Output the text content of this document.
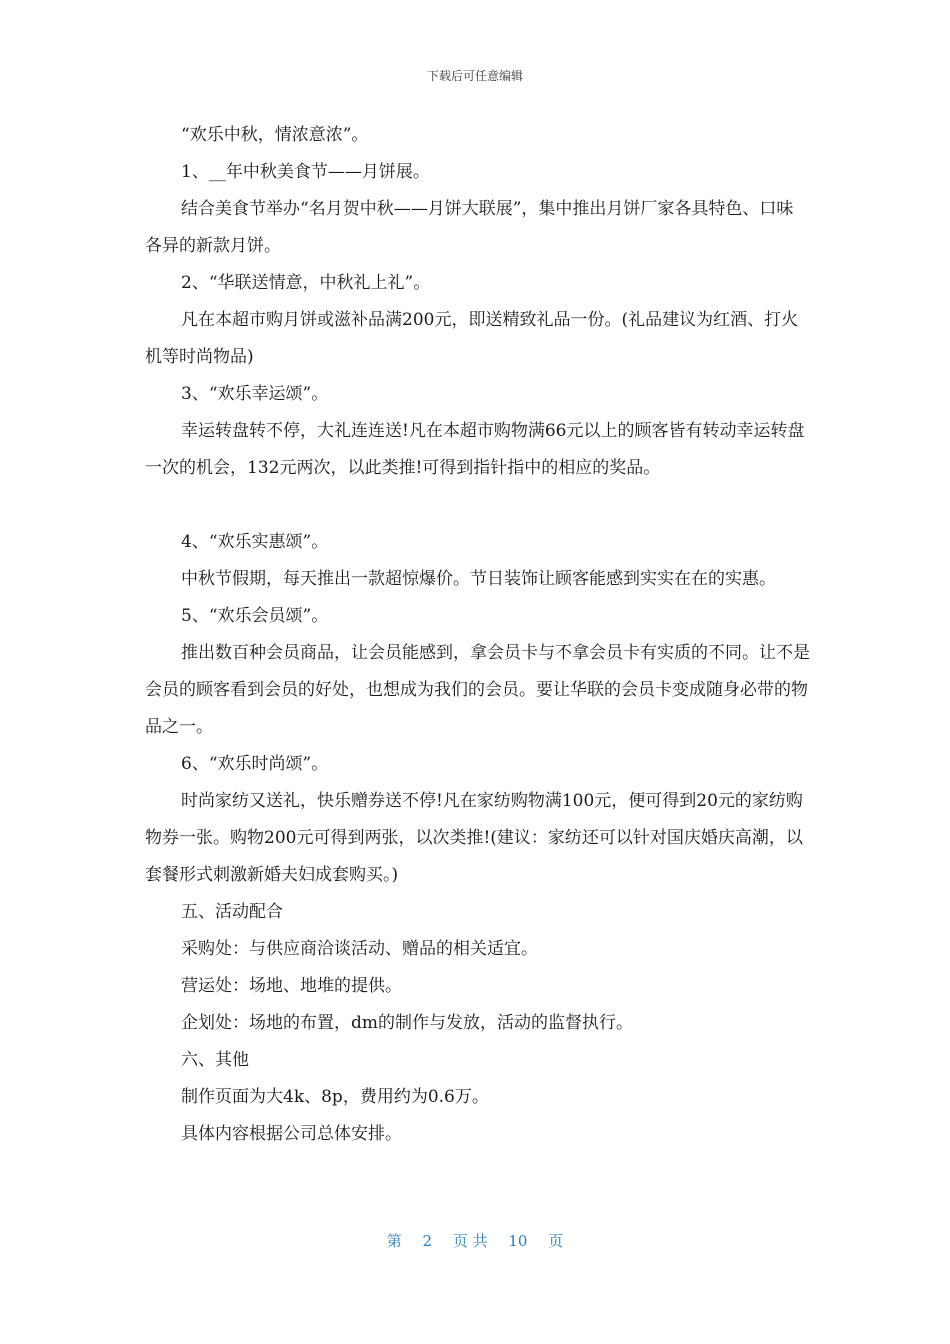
下载后可任意编辑

“欢乐中秋，情浓意浓”。

1、__年中秋美食节——月饼展。

结合美食节举办“名月贺中秋——月饼大联展”，集中推出月饼厂家各具特色、口味各异的新款月饼。

2、“华联送情意，中秋礼上礼”。

凡在本超市购月饼或滋补品满200元，即送精致礼品一份。(礼品建议为红酒、打火机等时尚物品)

3、“欢乐幸运颂”。

幸运转盘转不停，大礼连连送!凡在本超市购物满66元以上的顾客皆有转动幸运转盘一次的机会，132元两次，以此类推!可得到指针指中的相应的奖品。

4、“欢乐实惠颂”。

中秋节假期，每天推出一款超惊爆价。节日装饰让顾客能感到实实在在的实惠。

5、“欢乐会员颂”。

推出数百种会员商品，让会员能感到，拿会员卡与不拿会员卡有实质的不同。让不是会员的顾客看到会员的好处，也想成为我们的会员。要让华联的会员卡变成随身必带的物品之一。

6、“欢乐时尚颂”。

时尚家纺又送礼，快乐赠券送不停!凡在家纺购物满100元，便可得到20元的家纺购物券一张。购物200元可得到两张，以次类推!(建议：家纺还可以针对国庆婚庆高潮，以套餐形式刺激新婚夫妇成套购买。)

五、活动配合

采购处：与供应商洽谈活动、赠品的相关适宜。

营运处：场地、地堆的提供。

企划处：场地的布置，dm的制作与发放，活动的监督执行。

六、其他

制作页面为大4k、8p，费用约为0.6万。

具体内容根据公司总体安排。

第 2 页 共 10 页
